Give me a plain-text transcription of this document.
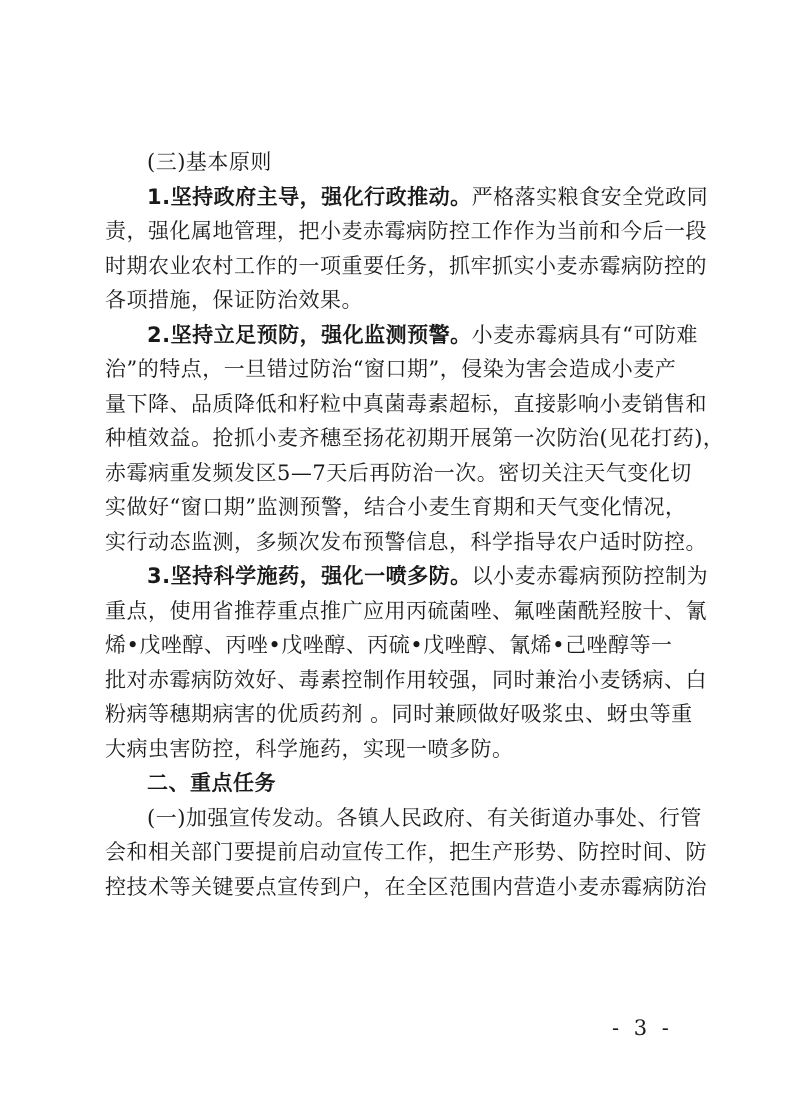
(三)基本原则
1.坚持政府主导，强化行政推动。严格落实粮食安全党政同
责，强化属地管理，把小麦赤霉病防控工作作为当前和今后一段
时期农业农村工作的一项重要任务，抓牢抓实小麦赤霉病防控的
各项措施，保证防治效果。
2.坚持立足预防，强化监测预警。小麦赤霉病具有“可防难
治”的特点，一旦错过防治“窗口期”，侵染为害会造成小麦产
量下降、品质降低和籽粒中真菌毒素超标，直接影响小麦销售和
种植效益。抢抓小麦齐穗至扬花初期开展第一次防治(见花打药)，
赤霉病重发频发区5—7天后再防治一次。密切关注天气变化切
实做好“窗口期”监测预警，结合小麦生育期和天气变化情况，
实行动态监测，多频次发布预警信息，科学指导农户适时防控。
3.坚持科学施药，强化一喷多防。以小麦赤霉病预防控制为
重点，使用省推荐重点推广应用丙硫菌唑、氟唑菌酰羟胺十、氰
烯•戊唑醇、丙唑•戊唑醇、丙硫•戊唑醇、氰烯•己唑醇等一
批对赤霉病防效好、毒素控制作用较强，同时兼治小麦锈病、白
粉病等穗期病害的优质药剂 。同时兼顾做好吸浆虫、蚜虫等重
大病虫害防控，科学施药，实现一喷多防。
二、重点任务
(一)加强宣传发动。各镇人民政府、有关街道办事处、行管
会和相关部门要提前启动宣传工作，把生产形势、防控时间、防
控技术等关键要点宣传到户，在全区范围内营造小麦赤霉病防治
- 3 -
